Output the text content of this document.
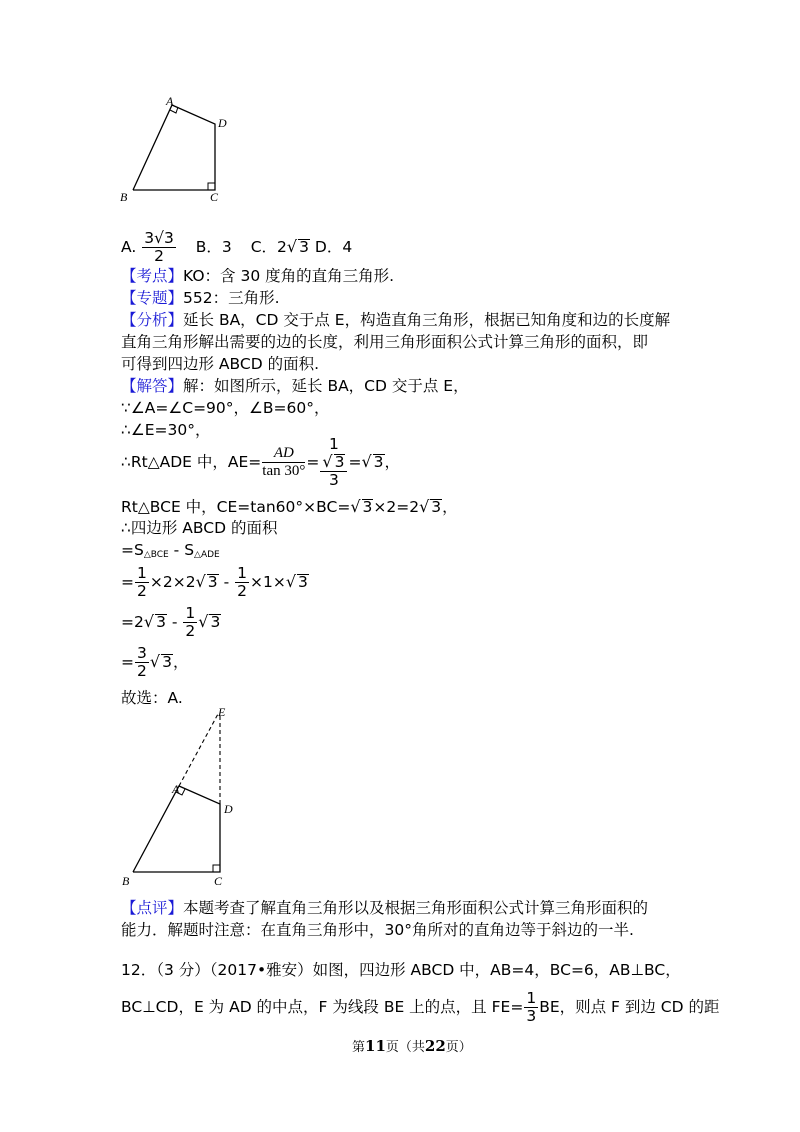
A
D
B	C
A. $\frac{3√3}{2}$ B．3 C．2√ 3 D．4
【考点】KO：含 30 度角的直角三角形.
【专题】552：三角形.
【分析】延长 BA，CD 交于点 E，构造直角三角形，根据已知角度和边的长度解
直角三角形解出需要的边的长度，利用三角形面积公式计算三角形的面积，即
可得到四边形 ABCD 的面积.
【解答】解：如图所示，延长 BA，CD 交于点 E，
∵∠A=∠C=90°，∠B=60°，
∴∠E=30°，
∴Rt△ADE 中，$AE= \frac{AD}{\tan 30^\circ}$ =
1
√ 3
3
=√ 3，
Rt△BCE 中，CE=tan60°×BC=√ 3×2=2√ 3，
∴四边形 ABCD 的面积
$=S_{\triangle BCE} - S_{\triangle ADE}$
= $\frac{1}{2} \times 2\times 2√$ $3 - \frac{1}{2} \times 1\times√$ 3
=2√ $3 - \frac{1}{2}$ √ 3
= $\frac{3}{2}$ √ 3，
故选：A.
E
A
D
B	C
【点评】本题考查了解直角三角形以及根据三角形面积公式计算三角形面积的
能力．解题时注意：在直角三角形中，30°角所对的直角边等于斜边的一半.
12．（3 分）（2017•雅安）如图，四边形 ABCD 中，AB=4，BC=6，AB⊥BC，
BC⊥CD，E 为 AD 的中点，F 为线段 BE 上的点，且 $FE= \frac{1}{3}$ BE，则点 F 到边 CD 的距
第11页（共22页）
